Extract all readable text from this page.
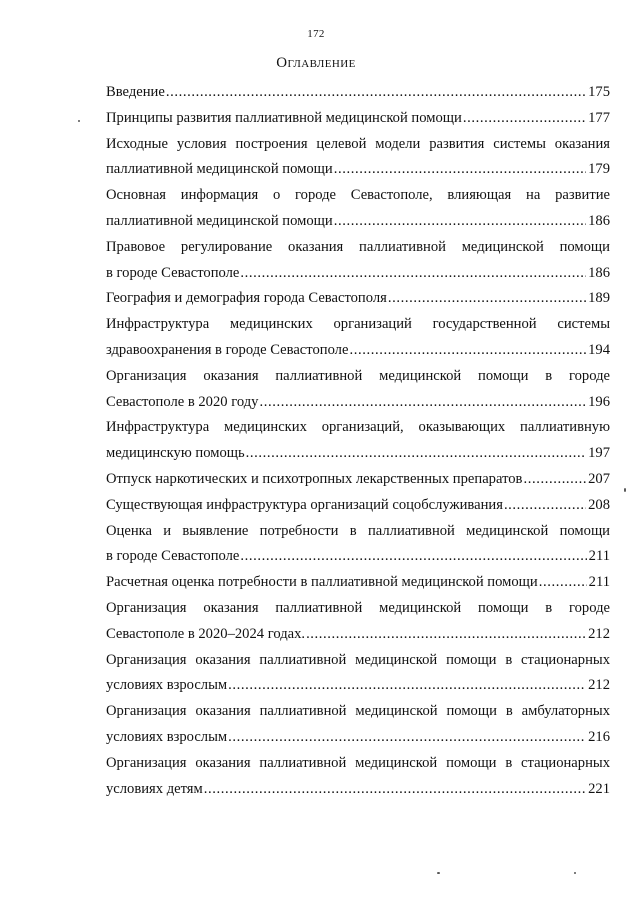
172
Оглавление
Введение .....	175
Принципы развития паллиативной медицинской помощи .....	177
Исходные условия построения целевой модели развития системы оказания
паллиативной медицинской помощи .....	179
Основная информация о городе Севастополе, влияющая на развитие
паллиативной медицинской помощи .....	186
Правовое регулирование оказания паллиативной медицинской помощи
в городе Севастополе .....	186
География и демография города Севастополя .....	189
Инфраструктура медицинских организаций государственной системы
здравоохранения в городе Севастополе .....	194
Организация оказания паллиативной медицинской помощи в городе
Севастополе в 2020 году .....	196
Инфраструктура медицинских организаций, оказывающих паллиативную
медицинскую помощь .....	197
Отпуск наркотических и психотропных лекарственных препаратов .....	207
Существующая инфраструктура организаций соцобслуживания .....	208
Оценка и выявление потребности в паллиативной медицинской помощи
в городе Севастополе .....	211
Расчетная оценка потребности в паллиативной медицинской помощи .....	211
Организация оказания паллиативной медицинской помощи в городе
Севастополе в 2020–2024 годах. .....	212
Организация оказания паллиативной медицинской помощи в стационарных
условиях взрослым .....	212
Организация оказания паллиативной медицинской помощи в амбулаторных
условиях взрослым .....	216
Организация оказания паллиативной медицинской помощи в стационарных
условиях детям .....	221
